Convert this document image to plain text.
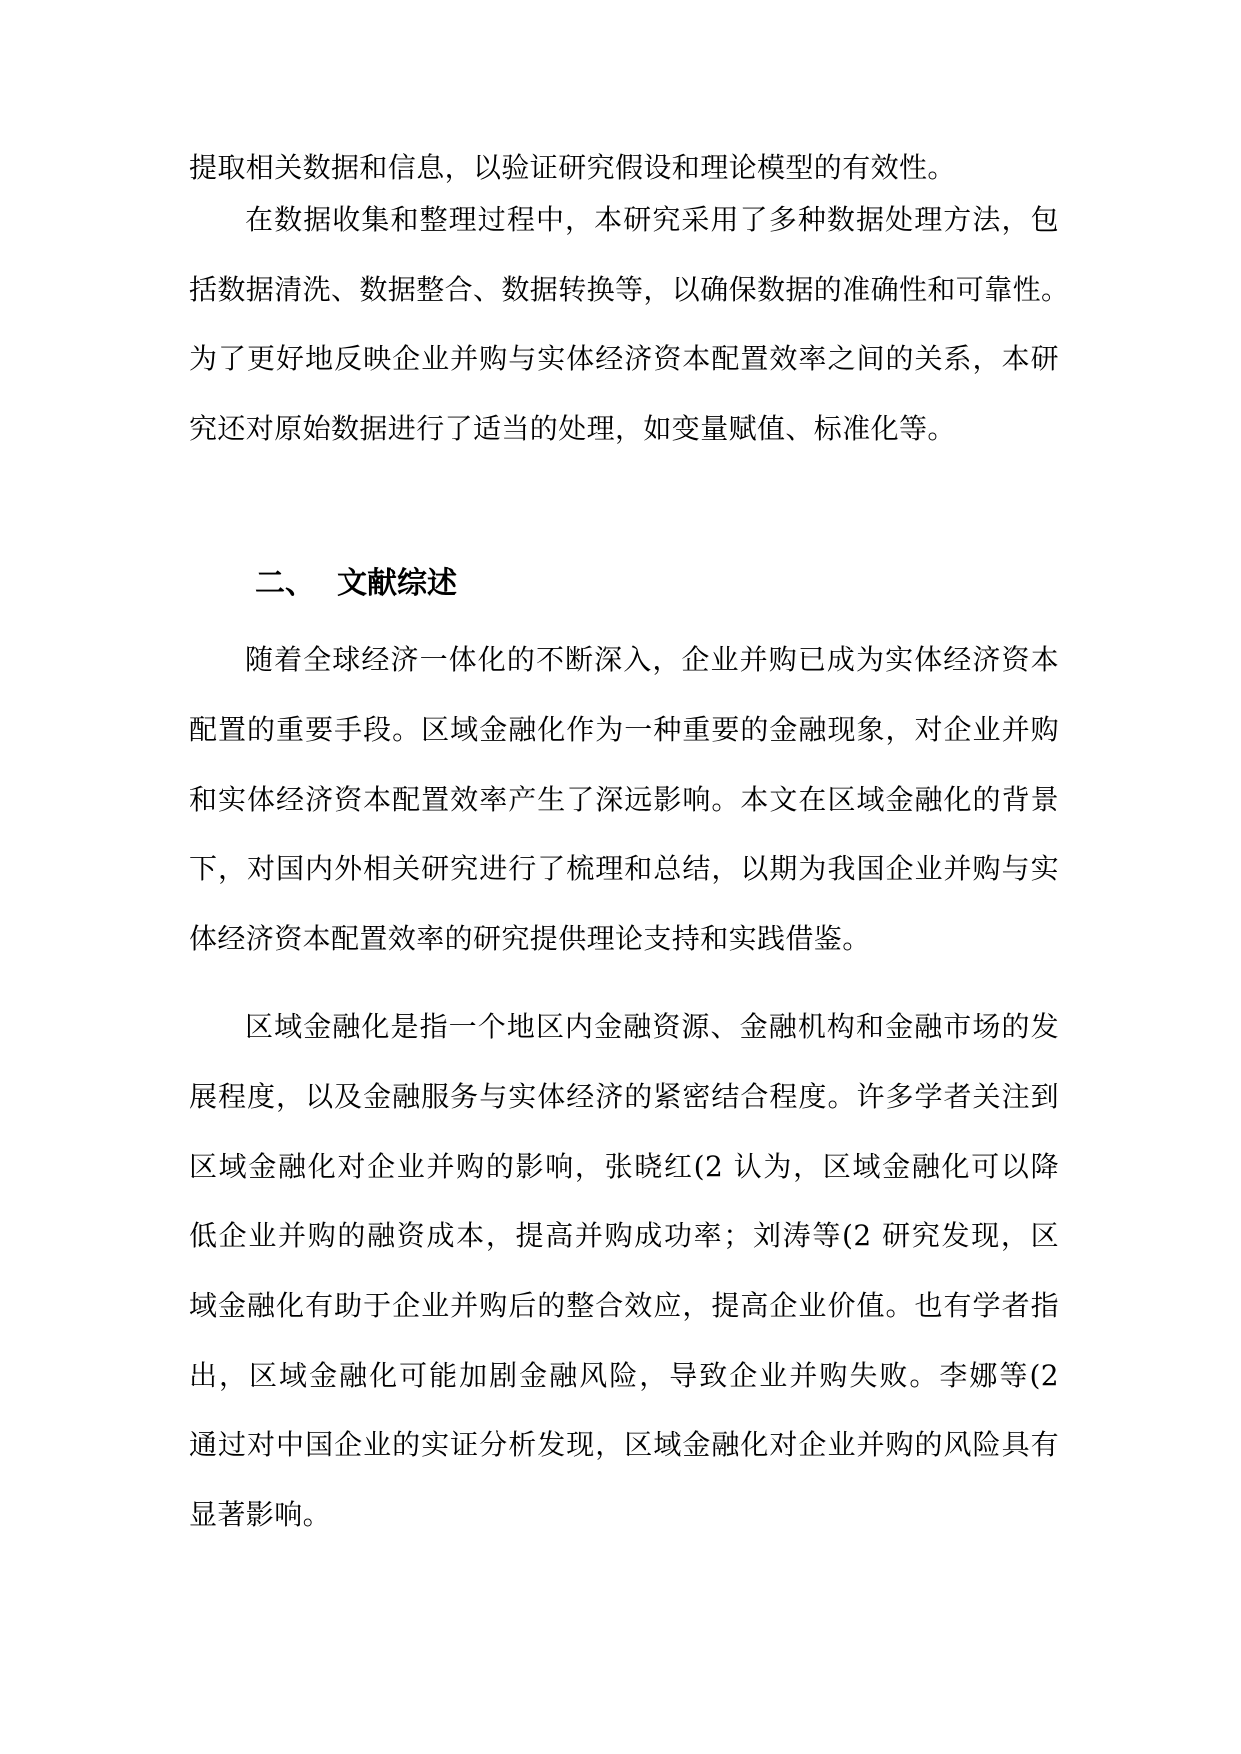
提取相关数据和信息，以验证研究假设和理论模型的有效性。
在数据收集和整理过程中，本研究采用了多种数据处理方法，包
括数据清洗、数据整合、数据转换等，以确保数据的准确性和可靠性。
为了更好地反映企业并购与实体经济资本配置效率之间的关系，本研
究还对原始数据进行了适当的处理，如变量赋值、标准化等。
二、 文献综述
随着全球经济一体化的不断深入，企业并购已成为实体经济资本
配置的重要手段。区域金融化作为一种重要的金融现象，对企业并购
和实体经济资本配置效率产生了深远影响。本文在区域金融化的背景
下，对国内外相关研究进行了梳理和总结，以期为我国企业并购与实
体经济资本配置效率的研究提供理论支持和实践借鉴。
区域金融化是指一个地区内金融资源、金融机构和金融市场的发
展程度，以及金融服务与实体经济的紧密结合程度。许多学者关注到
区域金融化对企业并购的影响，张晓红(2 认为，区域金融化可以降
低企业并购的融资成本，提高并购成功率；刘涛等(2 研究发现，区
域金融化有助于企业并购后的整合效应，提高企业价值。也有学者指
出，区域金融化可能加剧金融风险，导致企业并购失败。李娜等(2
通过对中国企业的实证分析发现，区域金融化对企业并购的风险具有
显著影响。
